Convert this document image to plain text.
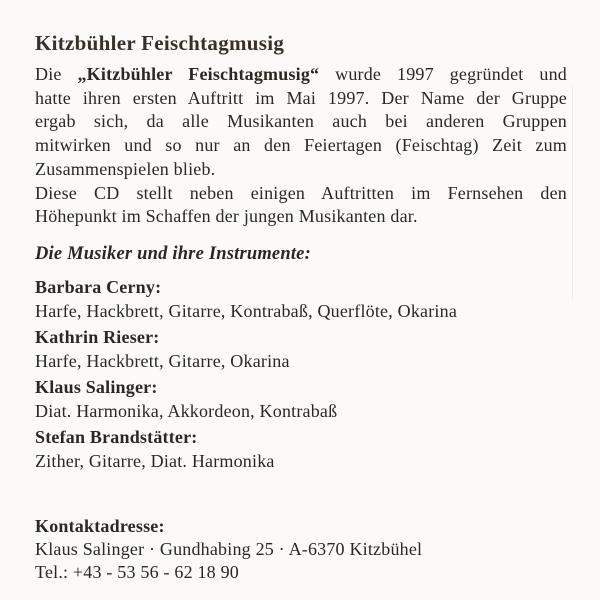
Kitzbühler Feischtagmusig
Die „Kitzbühler Feischtagmusig“ wurde 1997 gegründet und
hatte ihren ersten Auftritt im Mai 1997. Der Name der Gruppe
ergab sich, da alle Musikanten auch bei anderen Gruppen
mitwirken und so nur an den Feiertagen (Feischtag) Zeit zum
Zusammenspielen blieb.
Diese CD stellt neben einigen Auftritten im Fernsehen den
Höhepunkt im Schaffen der jungen Musikanten dar.
Die Musiker und ihre Instrumente:
Barbara Cerny:
Harfe, Hackbrett, Gitarre, Kontrabaß, Querflöte, Okarina
Kathrin Rieser:
Harfe, Hackbrett, Gitarre, Okarina
Klaus Salinger:
Diat. Harmonika, Akkordeon, Kontrabaß
Stefan Brandstätter:
Zither, Gitarre, Diat. Harmonika
Kontaktadresse:
Klaus Salinger · Gundhabing 25 · A-6370 Kitzbühel
Tel.: +43 - 53 56 - 62 18 90
